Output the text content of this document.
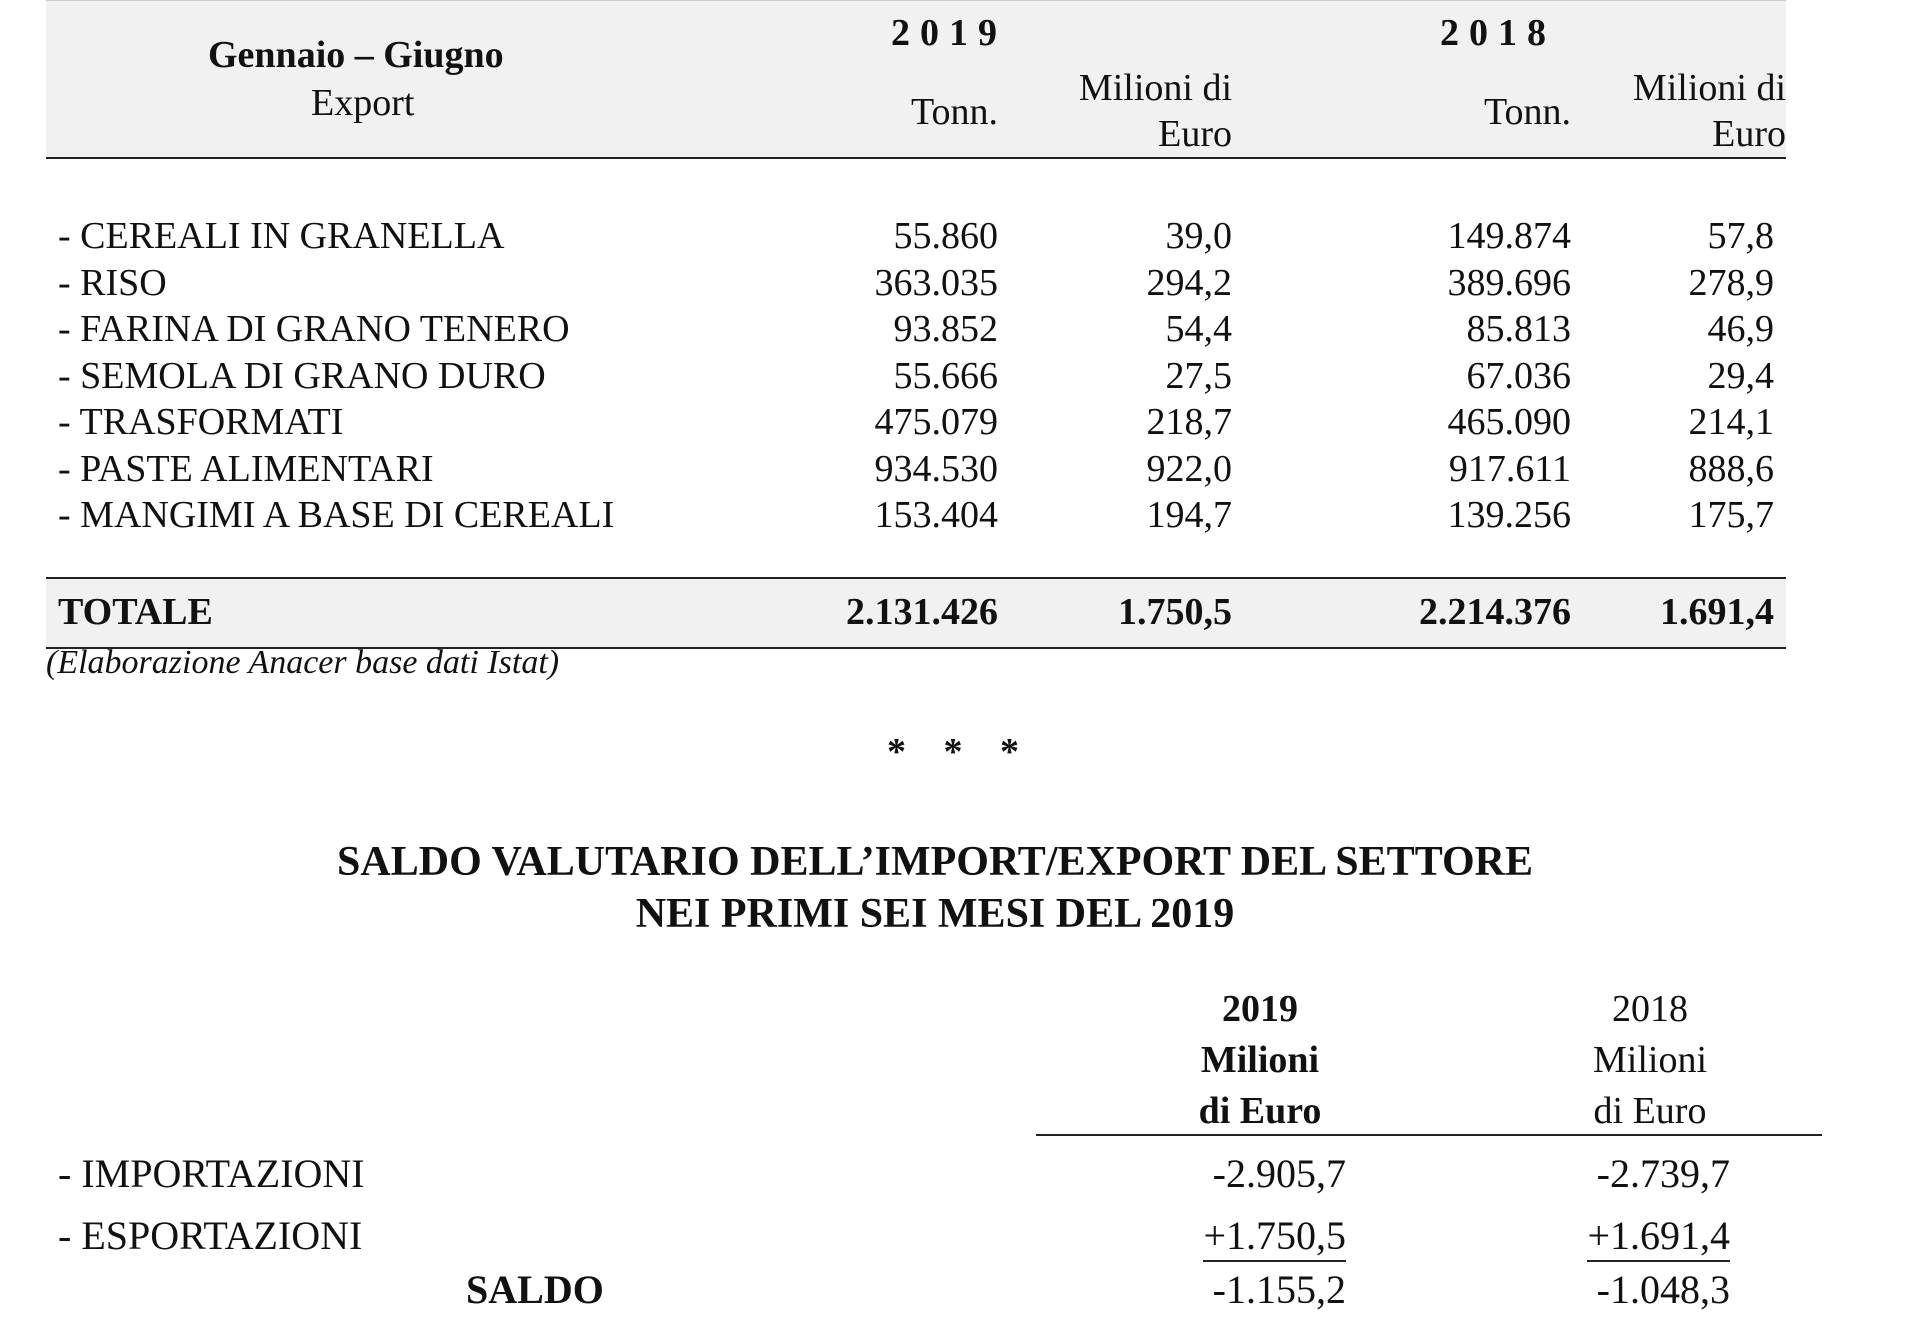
Gennaio – Giugno
Export
2019	2018
Tonn.
Milioni di
Euro
Tonn.
Milioni di
Euro
- CEREALI IN GRANELLA	55.860	39,0	149.874	57,8
- RISO	363.035	294,2	389.696	278,9
- FARINA DI GRANO TENERO	93.852	54,4	85.813	46,9
- SEMOLA DI GRANO DURO	55.666	27,5	67.036	29,4
- TRASFORMATI	475.079	218,7	465.090	214,1
- PASTE ALIMENTARI	934.530	922,0	917.611	888,6
- MANGIMI A BASE DI CEREALI	153.404	194,7	139.256	175,7
TOTALE	2.131.426	1.750,5	2.214.376 1.691,4
(Elaborazione Anacer base dati Istat)
* * *
SALDO VALUTARIO DELL’IMPORT/EXPORT DEL SETTORE
NEI PRIMI SEI MESI DEL 2019
2019
Milioni
di Euro
2018
Milioni
di Euro
- IMPORTAZIONI	-2.905,7	-2.739,7
- ESPORTAZIONI	+1.750,5	+1.691,4
SALDO	-1.155,2	-1.048,3
